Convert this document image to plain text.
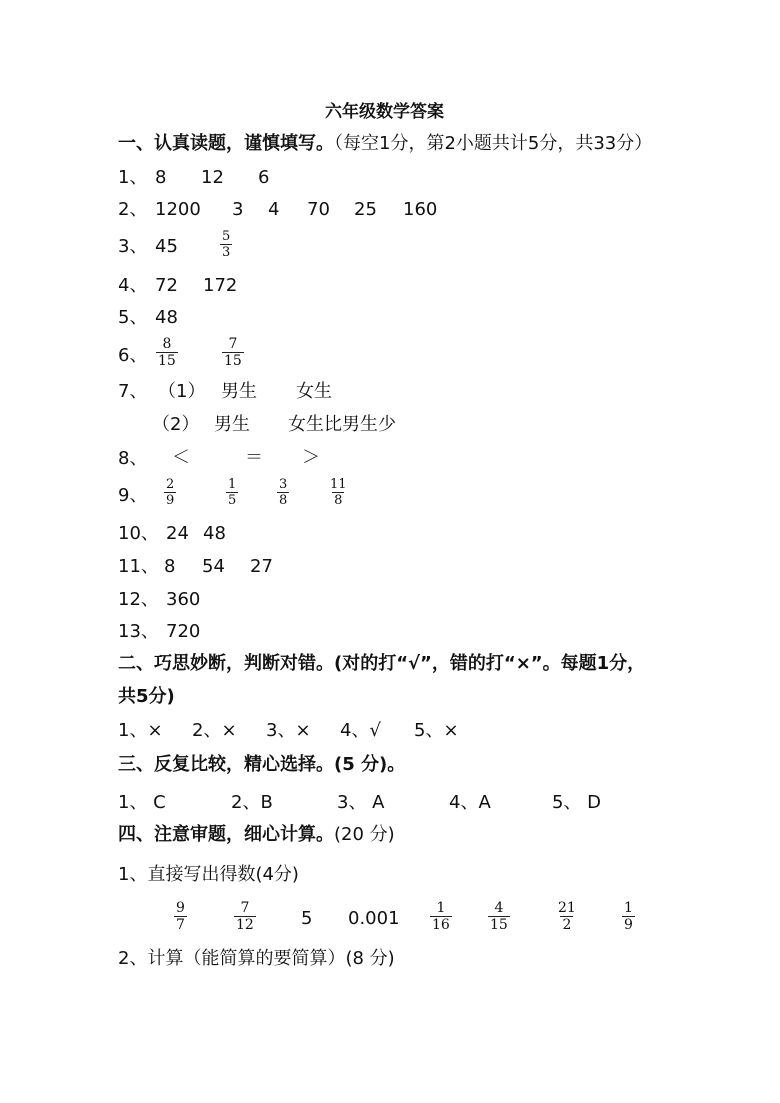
六年级数学答案
一、认真读题，谨慎填写。（每空1分，第2小题共计5分，共33分）
1、 8 12 6
2、 1200 3 4 70 25 160
3、 45	5
3
4、 72 172
5、 48
6、
8
15
7
15
7、 （1） 男生 女生
（2） 男生 女生比男生少
8、 ＜	＝ ＞
9、
2
9
1
5
3
8
11
8
10、 24 48
11、 8 54 27
12、 360
13、 720
二、巧思妙断，判断对错。(对的打“√”，错的打“×”。每题1分，
共5分)
1、× 2、× 3、× 4、√ 5、×
三、反复比较，精心选择。(5 分)。
1、 C	2、B	3、 A	4、A	5、 D
四、注意审题，细心计算。(20 分)
1、直接写出得数(4分)
9
7
7
12	5 0.001	1
16
4
15
21
2
1
9
2、计算（能简算的要简算）(8 分)
